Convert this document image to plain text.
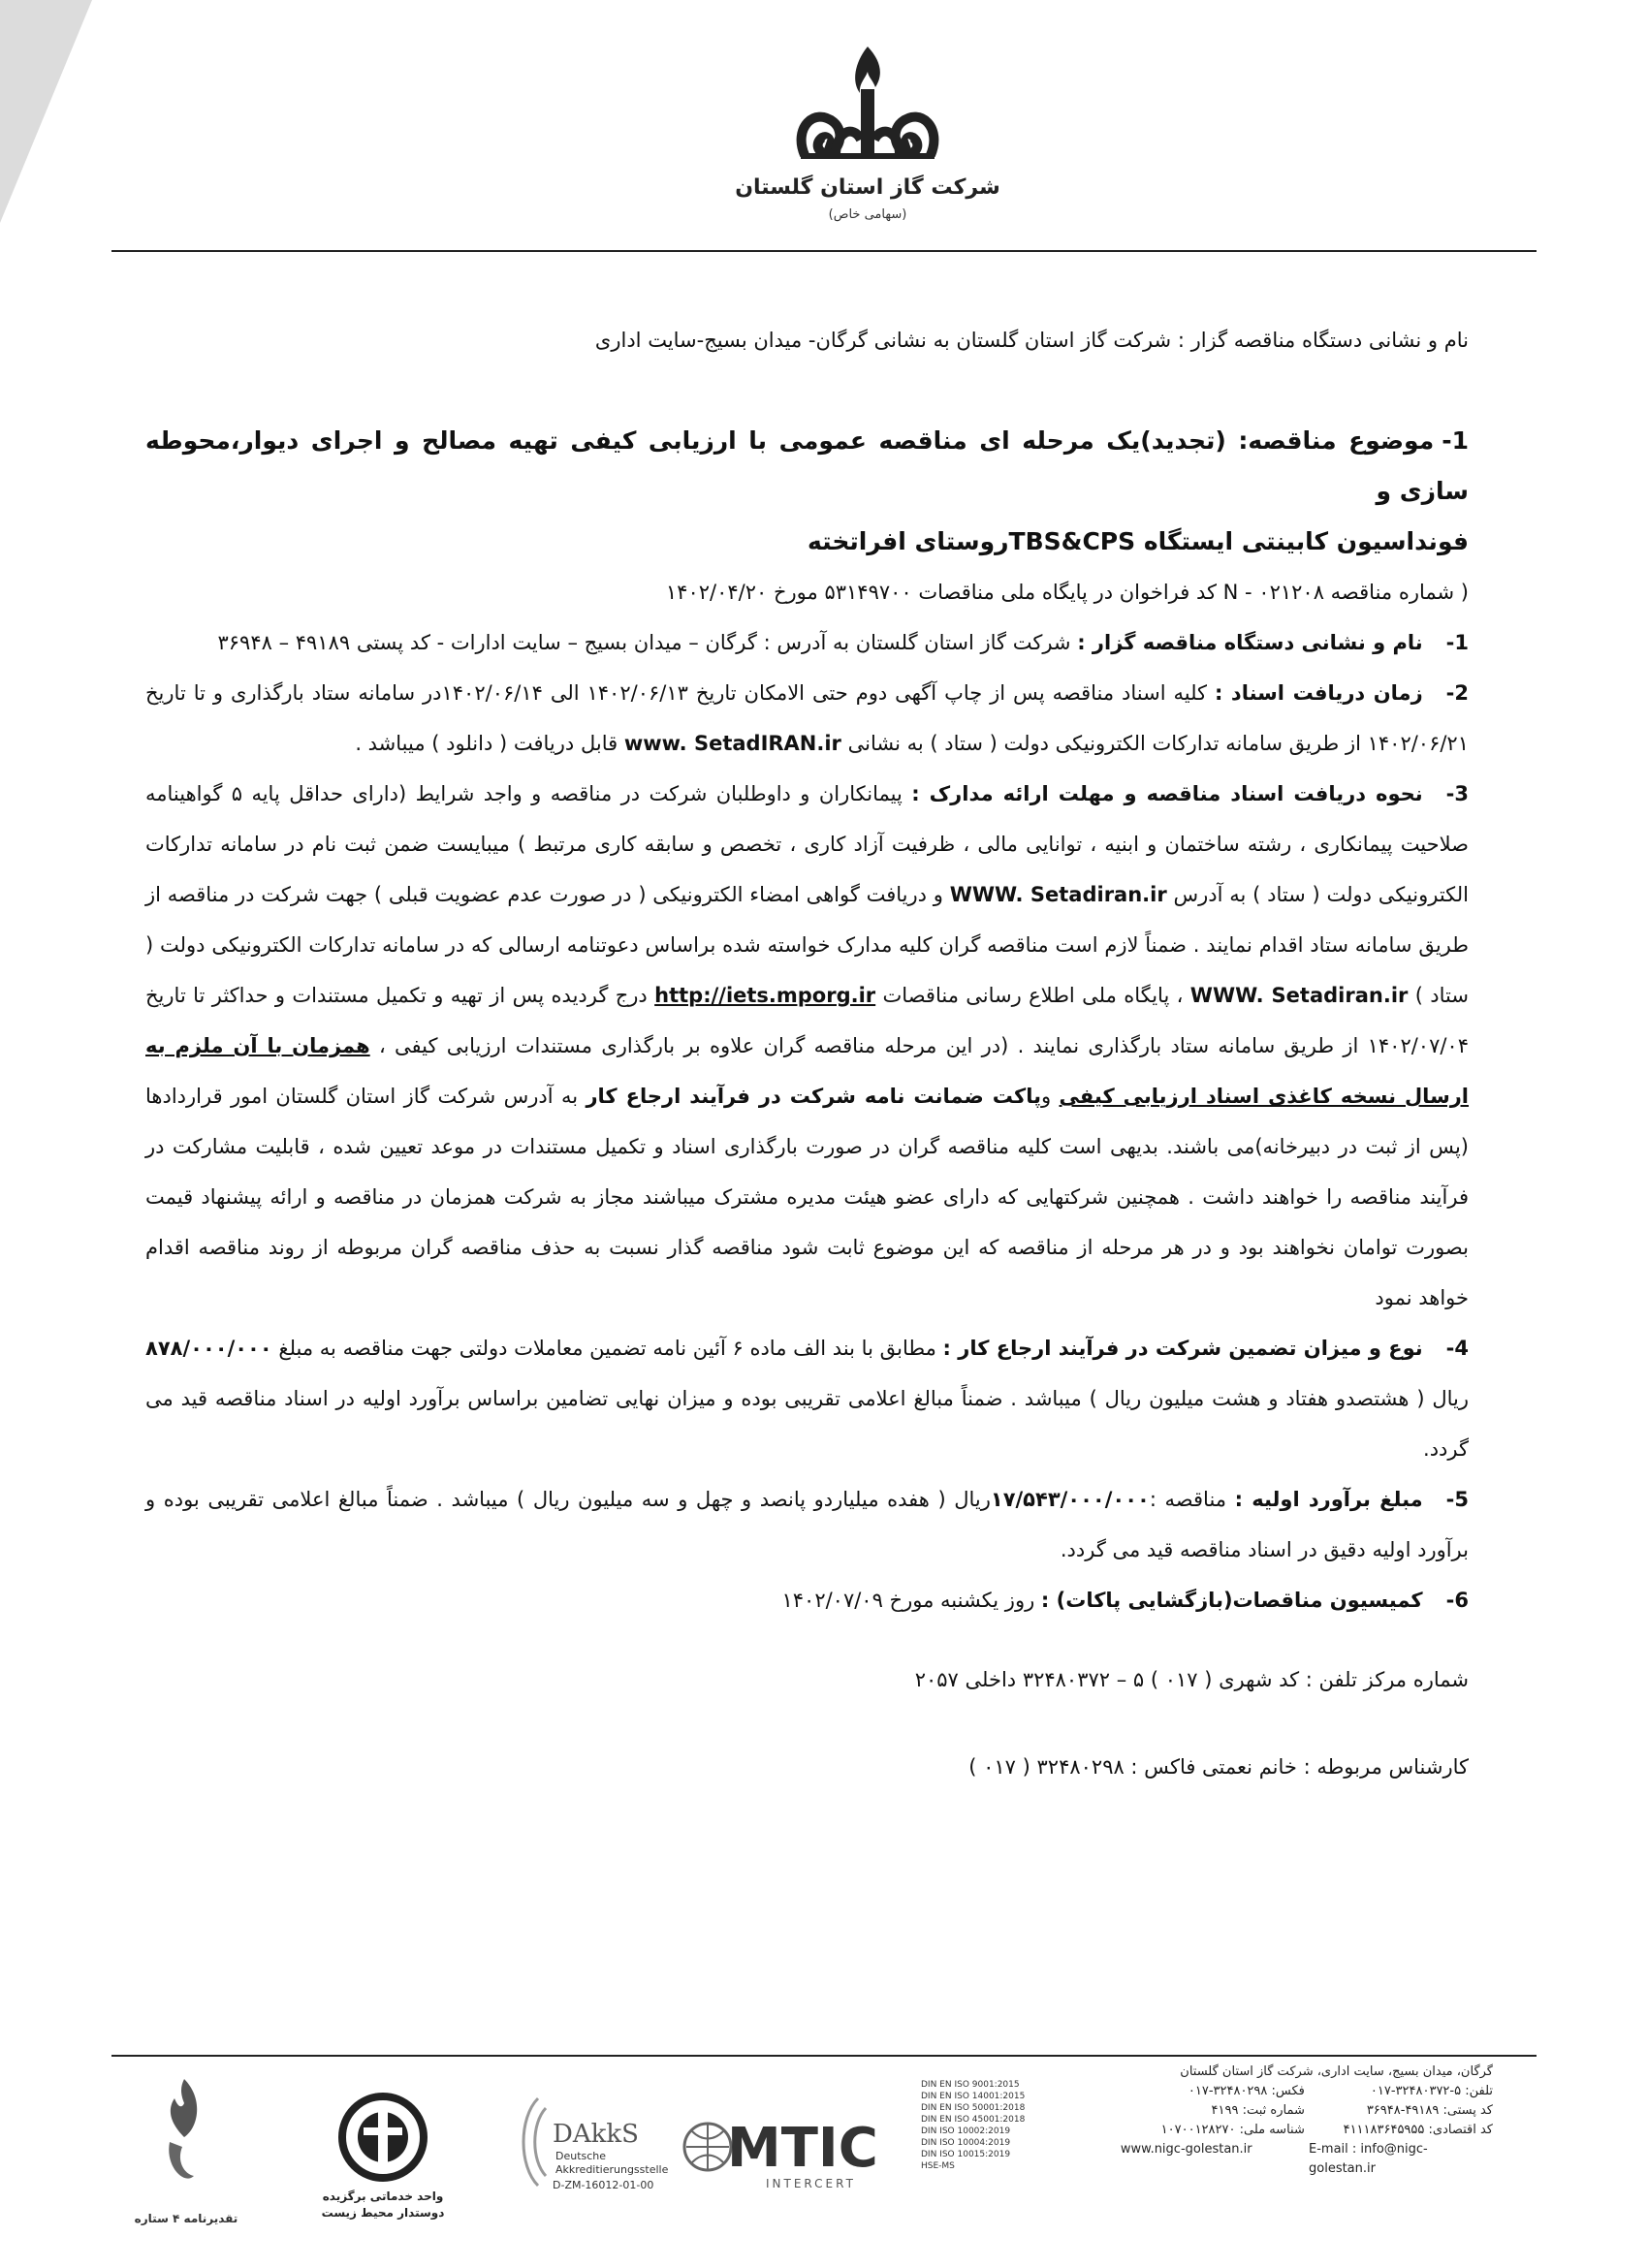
شرکت گاز استان گلستان
(سهامی خاص)

نام و نشانی دستگاه مناقصه گزار : شرکت گاز استان گلستان به نشانی گرگان- میدان بسیج-سایت اداری

1-موضوع مناقصه: (تجدید)یک مرحله ای مناقصه عمومی با ارزیابی کیفی تهیه مصالح و اجرای دیوار،محوطه سازی و
فونداسیون کابینتی ایستگاه TBS&CPSروستای افراتخته

( شماره مناقصه N - ۰۲۱۲۰۸ کد فراخوان در پایگاه ملی مناقصات ۵۳۱۴۹۷۰۰ مورخ ۱۴۰۲/۰۴/۲۰

1-نام و نشانی دستگاه مناقصه گزار : شرکت گاز استان گلستان به آدرس : گرگان – میدان بسیج – سایت ادارات - کد پستی ۴۹۱۸۹ – ۳۶۹۴۸

2-زمان دریافت اسناد : کلیه اسناد مناقصه پس از چاپ آگهی دوم حتی الامکان تاریخ ۱۴۰۲/۰۶/۱۳ الی ۱۴۰۲/۰۶/۱۴در سامانه ستاد بارگذاری و تا تاریخ ۱۴۰۲/۰۶/۲۱ از طریق سامانه تدارکات الکترونیکی دولت ( ستاد ) به نشانی www. SetadIRAN.ir قابل دریافت ( دانلود ) میباشد .

3-نحوه دریافت اسناد مناقصه و مهلت ارائه مدارک : پیمانکاران و داوطلبان شرکت در مناقصه و واجد شرایط (دارای حداقل پایه ۵ گواهینامه صلاحیت پیمانکاری ، رشته ساختمان و ابنیه ، توانایی مالی ، ظرفیت آزاد کاری ، تخصص و سابقه کاری مرتبط ) میبایست ضمن ثبت نام در سامانه تدارکات الکترونیکی دولت ( ستاد ) به آدرس WWW. Setadiran.ir و دریافت گواهی امضاء الکترونیکی ( در صورت عدم عضویت قبلی ) جهت شرکت در مناقصه از طریق سامانه ستاد اقدام نمایند . ضمناً لازم است مناقصه گران کلیه مدارک خواسته شده براساس دعوتنامه ارسالی که در سامانه تدارکات الکترونیکی دولت ( ستاد ) WWW. Setadiran.ir ، پایگاه ملی اطلاع رسانی مناقصات http://iets.mporg.ir درج گردیده پس از تهیه و تکمیل مستندات و حداکثر تا تاریخ ۱۴۰۲/۰۷/۰۴ از طریق سامانه ستاد بارگذاری نمایند . (در این مرحله مناقصه گران علاوه بر بارگذاری مستندات ارزیابی کیفی ، همزمان با آن ملزم به ارسال نسخه کاغذی اسناد ارزیابی کیفی وپاکت ضمانت نامه شرکت در فرآیند ارجاع کار به آدرس شرکت گاز استان گلستان امور قراردادها (پس از ثبت در دبیرخانه)می باشند. بدیهی است کلیه مناقصه گران در صورت بارگذاری اسناد و تکمیل مستندات در موعد تعیین شده ، قابلیت مشارکت در فرآیند مناقصه را خواهند داشت . همچنین شرکتهایی که دارای عضو هیئت مدیره مشترک میباشند مجاز به شرکت همزمان در مناقصه و ارائه پیشنهاد قیمت بصورت توامان نخواهند بود و در هر مرحله از مناقصه که این موضوع ثابت شود مناقصه گذار نسبت به حذف مناقصه گران مربوطه از روند مناقصه اقدام خواهد نمود

4-نوع و میزان تضمین شرکت در فرآیند ارجاع کار : مطابق با بند الف ماده ۶ آئین نامه تضمین معاملات دولتی جهت مناقصه به مبلغ ۸۷۸/۰۰۰/۰۰۰ ریال ( هشتصدو هفتاد و هشت میلیون ریال ) میباشد . ضمناً مبالغ اعلامی تقریبی بوده و میزان نهایی تضامین براساس برآورد اولیه در اسناد مناقصه قید می گردد.

5-مبلغ برآورد اولیه : مناقصه :۱۷/۵۴۳/۰۰۰/۰۰۰ریال ( هفده میلیاردو پانصد و چهل و سه میلیون ریال ) میباشد . ضمناً مبالغ اعلامی تقریبی بوده و برآورد اولیه دقیق در اسناد مناقصه قید می گردد.

6-کمیسیون مناقصات(بازگشایی پاکات) : روز یکشنبه مورخ ۱۴۰۲/۰۷/۰۹

شماره مرکز تلفن : کد شهری ( ۰۱۷ ) ۵ – ۳۲۴۸۰۳۷۲ داخلی ۲۰۵۷

کارشناس مربوطه : خانم نعمتی فاکس : ۳۲۴۸۰۲۹۸ ( ۰۱۷ )

تقدیرنامه ۴ ستاره
واحد خدماتی برگزیده
دوستدار محیط زیست
DAkkS
Deutsche
Akkreditierungsstelle
D-ZM-16012-01-00
MTIC
INTERCERT
DIN EN ISO 9001:2015
DIN EN ISO 14001:2015
DIN EN ISO 50001:2018
DIN EN ISO 45001:2018
DIN ISO 10002:2019
DIN ISO 10004:2019
DIN ISO 10015:2019
HSE-MS
گرگان، میدان بسیج، سایت اداری، شرکت گاز استان گلستان
تلفن: ۵-۳۲۴۸۰۳۷۲-۰۱۷ فکس: ۳۲۴۸۰۲۹۸-۰۱۷
کد پستی: ۴۹۱۸۹-۳۶۹۴۸ شماره ثبت: ۴۱۹۹
کد اقتصادی: ۴۱۱۱۸۳۶۴۵۹۵۵ شناسه ملی: ۱۰۷۰۰۱۲۸۲۷۰
E-mail : info@nigc-golestan.ir www.nigc-golestan.ir
